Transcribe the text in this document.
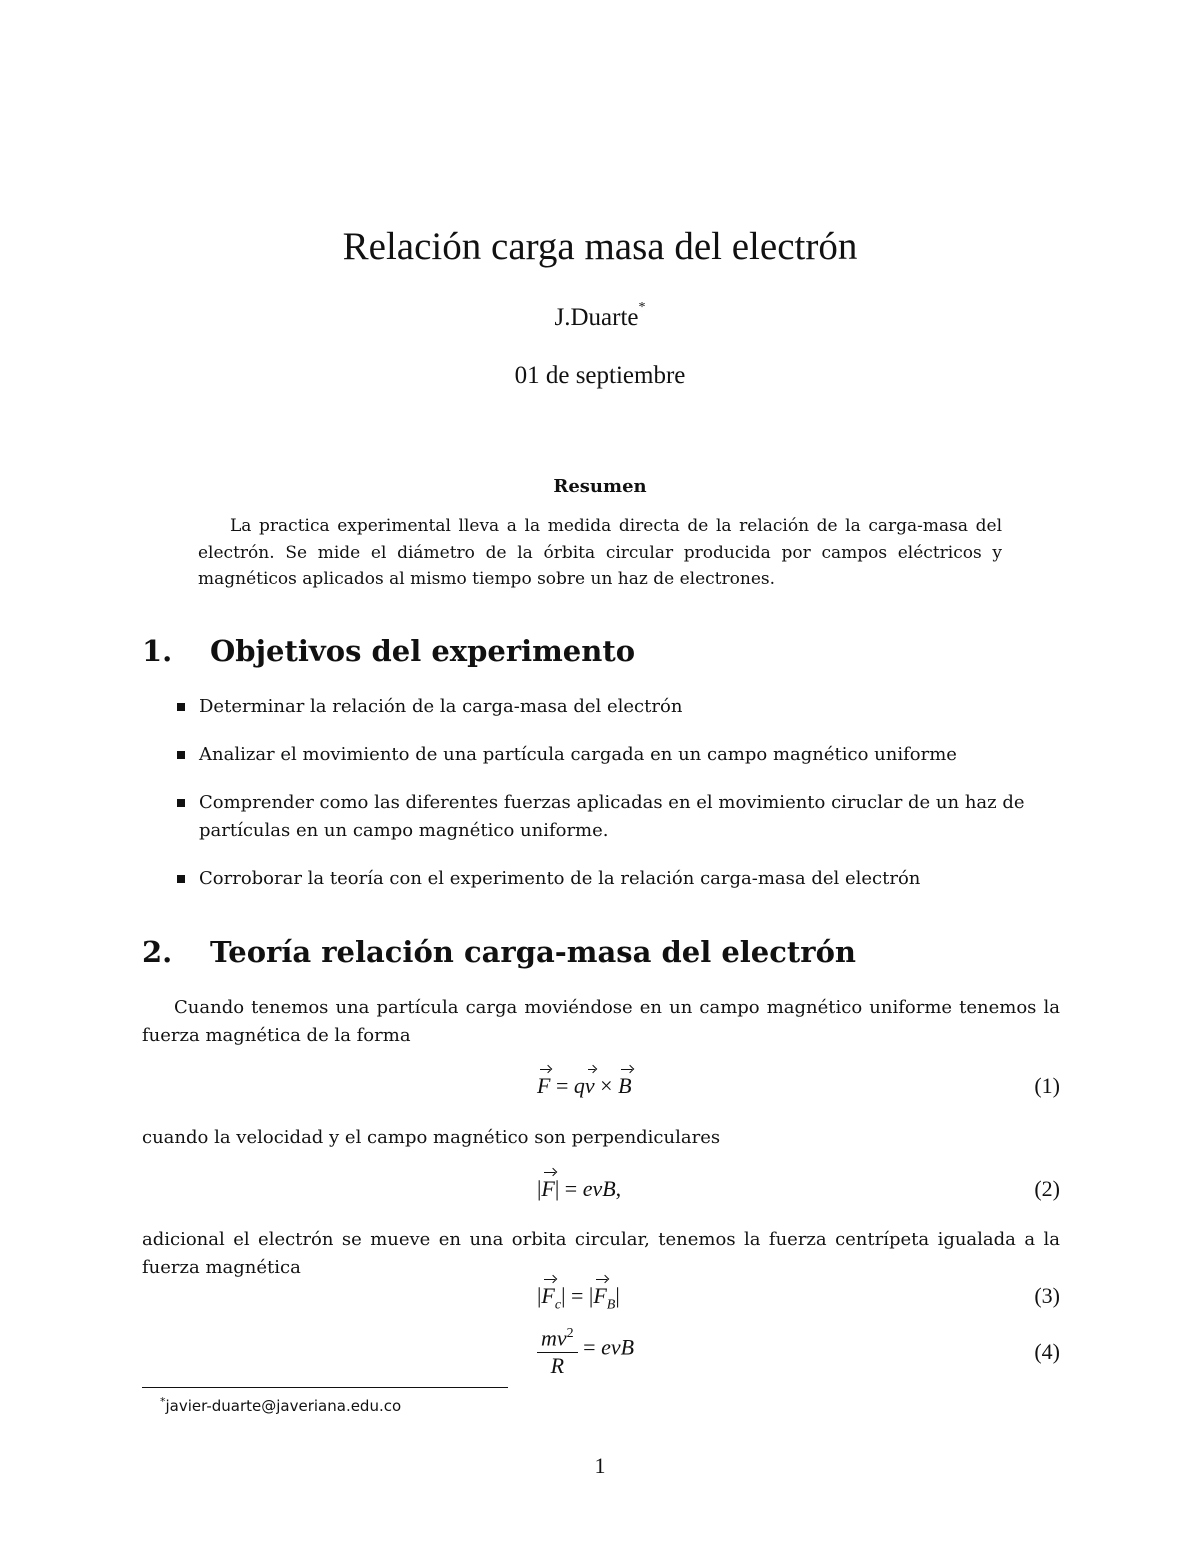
Relación carga masa del electrón
J.Duarte*
01 de septiembre
Resumen
La practica experimental lleva a la medida directa de la relación de la carga-masa del electrón. Se mide el diámetro de la órbita circular producida por campos eléctricos y magnéticos aplicados al mismo tiempo sobre un haz de electrones.
1. Objetivos del experimento
Determinar la relación de la carga-masa del electrón
Analizar el movimiento de una partícula cargada en un campo magnético uniforme
Comprender como las diferentes fuerzas aplicadas en el movimiento ciruclar de un haz de partículas en un campo magnético uniforme.
Corroborar la teoría con el experimento de la relación carga-masa del electrón
2. Teoría relación carga-masa del electrón
Cuando tenemos una partícula carga moviéndose en un campo magnético uniforme tenemos la fuerza magnética de la forma
F = qv × B	(1)
cuando la velocidad y el campo magnético son perpendiculares
|F| = evB,	(2)
adicional el electrón se mueve en una orbita circular, tenemos la fuerza centrípeta igualada a la fuerza magnética
$|F_c| = |F_B|$	(3)
$\frac{mv^2}{R}$ = evB	(4)
*javier-duarte@javeriana.edu.co
1
